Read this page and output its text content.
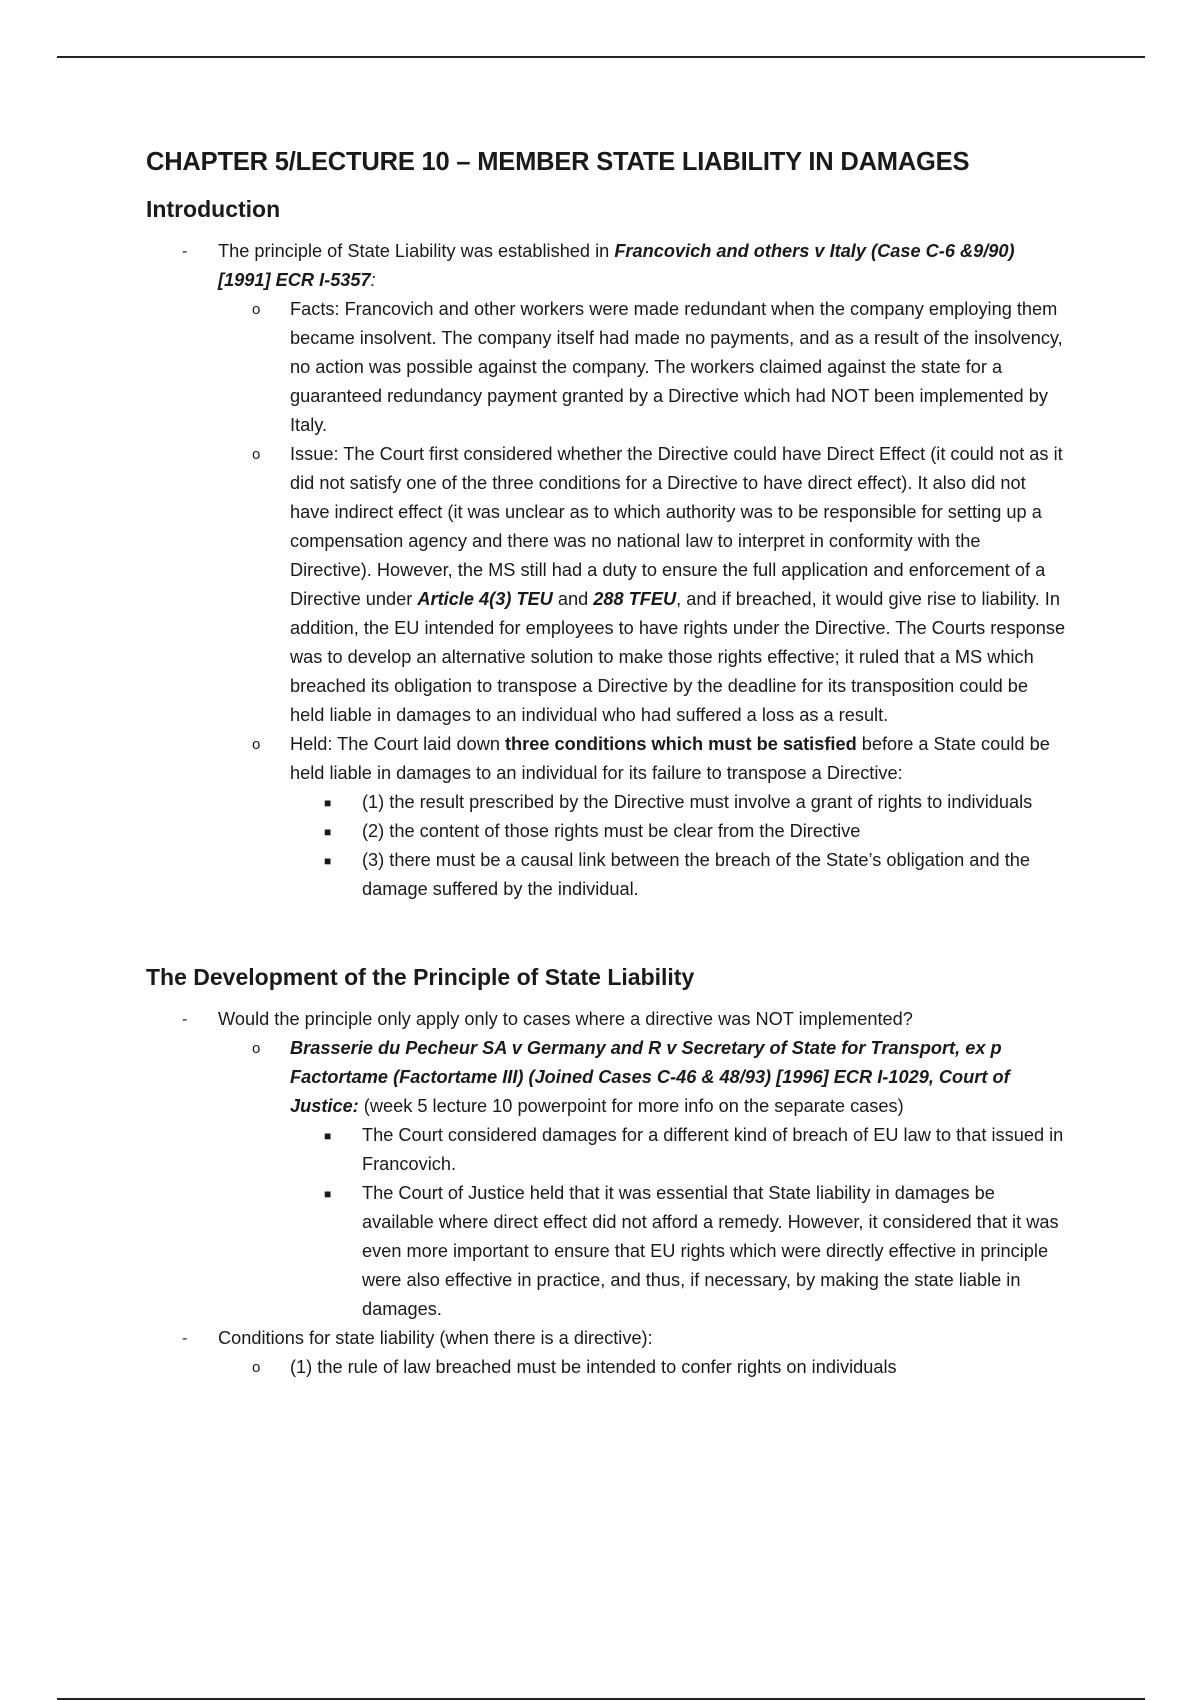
CHAPTER 5/LECTURE 10 – MEMBER STATE LIABILITY IN DAMAGES
Introduction
- The principle of State Liability was established in Francovich and others v Italy (Case C-6 &9/90) [1991] ECR I-5357:
o Facts: Francovich and other workers were made redundant when the company employing them became insolvent. The company itself had made no payments, and as a result of the insolvency, no action was possible against the company. The workers claimed against the state for a guaranteed redundancy payment granted by a Directive which had NOT been implemented by Italy.
o Issue: The Court first considered whether the Directive could have Direct Effect (it could not as it did not satisfy one of the three conditions for a Directive to have direct effect). It also did not have indirect effect (it was unclear as to which authority was to be responsible for setting up a compensation agency and there was no national law to interpret in conformity with the Directive). However, the MS still had a duty to ensure the full application and enforcement of a Directive under Article 4(3) TEU and 288 TFEU, and if breached, it would give rise to liability. In addition, the EU intended for employees to have rights under the Directive. The Courts response was to develop an alternative solution to make those rights effective; it ruled that a MS which breached its obligation to transpose a Directive by the deadline for its transposition could be held liable in damages to an individual who had suffered a loss as a result.
o Held: The Court laid down three conditions which must be satisfied before a State could be held liable in damages to an individual for its failure to transpose a Directive:
■ (1) the result prescribed by the Directive must involve a grant of rights to individuals
■ (2) the content of those rights must be clear from the Directive
■ (3) there must be a causal link between the breach of the State’s obligation and the damage suffered by the individual.
The Development of the Principle of State Liability
- Would the principle only apply only to cases where a directive was NOT implemented?
o Brasserie du Pecheur SA v Germany and R v Secretary of State for Transport, ex p Factortame (Factortame III) (Joined Cases C-46 & 48/93) [1996] ECR I-1029, Court of Justice: (week 5 lecture 10 powerpoint for more info on the separate cases)
■ The Court considered damages for a different kind of breach of EU law to that issued in Francovich.
■ The Court of Justice held that it was essential that State liability in damages be available where direct effect did not afford a remedy. However, it considered that it was even more important to ensure that EU rights which were directly effective in principle were also effective in practice, and thus, if necessary, by making the state liable in damages.
- Conditions for state liability (when there is a directive):
o (1) the rule of law breached must be intended to confer rights on individuals
